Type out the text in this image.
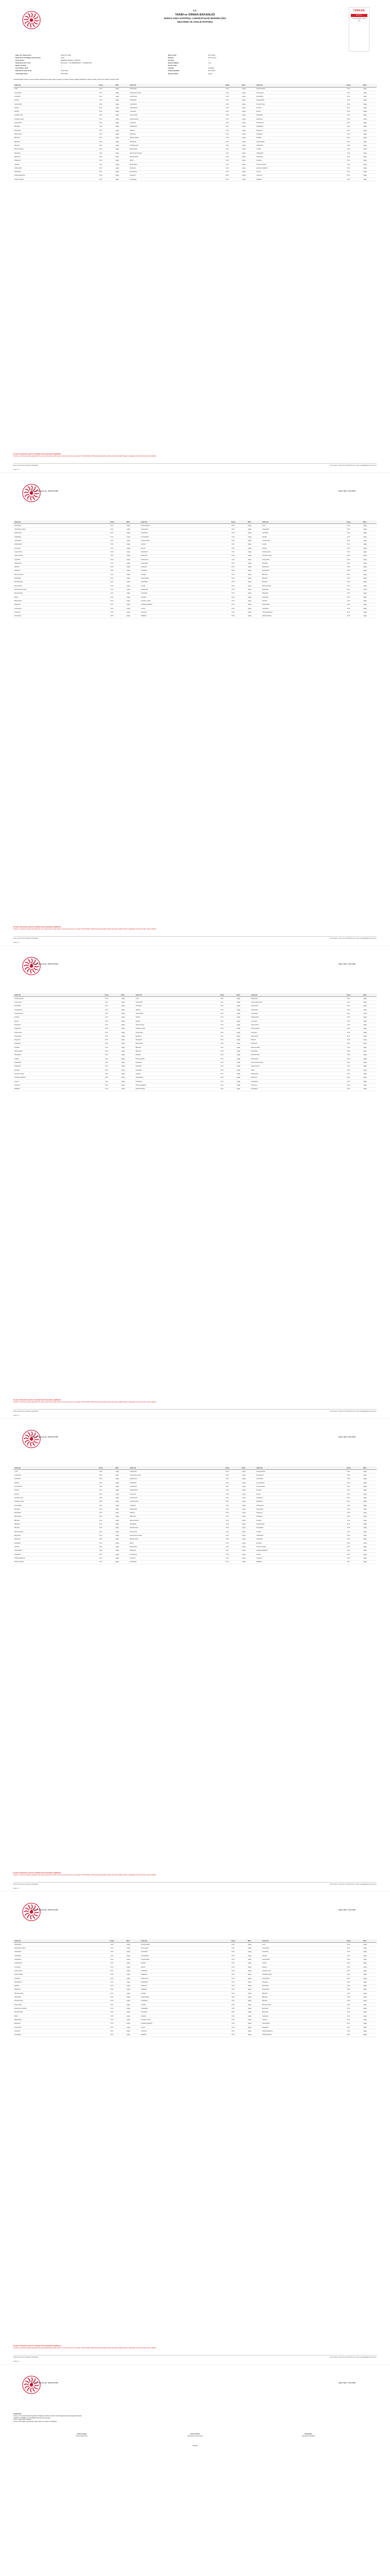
T.C.
TARIM ve ORMAN BAKANLIĞI
BURSA GIDA KONTROL LABORATUVAR MÜDÜRLÜĞÜ
MUAYENE VE ANALİZ RAPORU
TÜRKAK
AB-0040-T
TS EN ISO/IEC 17025
Test
Rapor No / Numune No	2024-NYT-0025	Rapor Tarihi	05.11.2024
Numunenin Ait Olduğu Firma Unvanı	GIDA	Kapsam	Ürün Kontrol
Firma Adresi	MERKEZ / BURSA / TÜRKİYE	Tescil No	—
Numunenin Adı / Cinsi	Mercimek — NİLÜFER/BURSA — OSMANGAZİ	Numune Miktarı	2 kg
Marka / Parti No	—	Üretim Tarihi	—
Son Tüketim Tarihi	—	Ambalaj	Ambalajlı
Numunenin Geliş Tarihi	04.10.2024	Analize Başlama	05.10.2024
Analiz Bitiş Tarihi	05.11.2024	Numune Kabul	Uygun
Yukarıda bilgileri verilen numune üzerinde Laboratuvarımızda yapılan muayene ve analiz sonuçları aşağıda belirtilmiştir. Analiz sonuçları yalnızca test edilen numuneye aittir.
Analiz Adı	Sonuç	Birim	Analiz Adı	Sonuç	Birim	Analiz Adı	Sonuç	Birim
2,4-D	<0,01	mg/kg	Chlorpyrifos	<0,01	mg/kg	Fenbuconazole	<0,01	mg/kg
Acetamiprid	<0,01	mg/kg	Chlorpyrifos-methyl	<0,01	mg/kg	Fenhexamid	<0,01	mg/kg
Acrinathrin	<0,01	mg/kg	Clofentezine	<0,01	mg/kg	Fenitrothion	<0,01	mg/kg
Aldicarb	<0,01	mg/kg	Clothianidin	<0,01	mg/kg	Fenpropathrin	<0,01	mg/kg
Ametoctradin	<0,01	mg/kg	Cyazofamid	<0,01	mg/kg	Fenpyroximate	<0,01	mg/kg
Amitraz	<0,01	mg/kg	Cyflufenamid	<0,01	mg/kg	Fenthion	<0,01	mg/kg
Atrazine	<0,01	mg/kg	Cymoxanil	<0,01	mg/kg	Fipronil	<0,01	mg/kg
Azinphos-ethyl	<0,01	mg/kg	Cypermethrin	<0,01	mg/kg	Fluazifop-P	<0,01	mg/kg
Azinphos-methyl	<0,01	mg/kg	Cyproconazole	<0,01	mg/kg	Fludioxonil	<0,01	mg/kg
Azoxystrobin	<0,01	mg/kg	Cyprodinil	<0,01	mg/kg	Flufenoxuron	<0,01	mg/kg
Benalaxyl	<0,01	mg/kg	Deltamethrin	<0,01	mg/kg	Fluopicolide	<0,01	mg/kg
Bendiocarb	<0,01	mg/kg	Diazinon	<0,01	mg/kg	Fluopyram	<0,01	mg/kg
Benfuracarb	<0,01	mg/kg	Dichlorvos	<0,01	mg/kg	Flusilazole	<0,01	mg/kg
Bifenthrin	<0,01	mg/kg	Difenoconazole	<0,01	mg/kg	Flutriafol	<0,01	mg/kg
Bitertanol	<0,01	mg/kg	Dimethoate	<0,01	mg/kg	Hexaconazole	<0,01	mg/kg
Boscalid	<0,01	mg/kg	Dimethomorph	<0,01	mg/kg	Hexythiazox	<0,01	mg/kg
Bromuconazole	<0,01	mg/kg	Diniconazole	<0,01	mg/kg	Imazalil	<0,01	mg/kg
Bupirimate	<0,01	mg/kg	Emamectin benzoate	<0,01	mg/kg	Imidacloprid	<0,01	mg/kg
Buprofezin	<0,01	mg/kg	Epoxiconazole	<0,01	mg/kg	Indoxacarb	<0,01	mg/kg
Cadusafos	<0,01	mg/kg	Ethion	<0,01	mg/kg	Iprodione	<0,01	mg/kg
Carbaryl	<0,01	mg/kg	Ethoprophos	<0,01	mg/kg	Kresoxim-methyl	<0,01	mg/kg
Carbendazim	<0,01	mg/kg	Etofenprox	<0,01	mg/kg	Lambda-cyhalothrin	<0,01	mg/kg
Carbofuran	<0,01	mg/kg	Fenamidone	<0,01	mg/kg	Linuron	<0,01	mg/kg
Chlorantraniliprole	<0,01	mg/kg	Fenarimol	<0,01	mg/kg	Lufenuron	<0,01	mg/kg
Chlorfenvinphos	<0,01	mg/kg	Fenazaquin	<0,01	mg/kg	Malathion	<0,01	mg/kg
Bu rapor, laboratuvarın yazılı izni olmadan kısmen kopyalanıp çoğaltılamaz.
İmzasız ve mühürsüz raporlar geçersizdir. Bu rapor yalnızca deneye tabi tutulan numuneye aittir. Deney sonuçları TS EN ISO/IEC 17025 kapsamında akredite edilmiş deneyler ile ilgilidir. Raporun doğruluğu e-Devlet üzerinden kontrol edilebilir.
Bursa Gıda Kontrol Laboratuvar Müdürlüğü	Adres: Bursa / Türkiye Tel: 0224 000 00 00 e-posta: bursagida@tarimorman.gov.tr
Sayfa 1 / 6
Rapor No / Numune No : 2024-NYT-0025	Rapor Tarihi : 05.11.2024
Analiz Adı	Sonuç	Birim	Analiz Adı	Sonuç	Birim	Analiz Adı	Sonuç	Birim
Chlorpyrifos	<0,01	mg/kg	Fenbuconazole	<0,01	mg/kg	2,4-D	<0,01	mg/kg
Chlorpyrifos-methyl	<0,01	mg/kg	Fenhexamid	<0,01	mg/kg	Acetamiprid	<0,01	mg/kg
Clofentezine	<0,01	mg/kg	Fenitrothion	<0,01	mg/kg	Acrinathrin	<0,01	mg/kg
Clothianidin	<0,01	mg/kg	Fenpropathrin	<0,01	mg/kg	Aldicarb	<0,01	mg/kg
Cyazofamid	<0,01	mg/kg	Fenpyroximate	<0,01	mg/kg	Ametoctradin	<0,01	mg/kg
Cyflufenamid	<0,01	mg/kg	Fenthion	<0,01	mg/kg	Amitraz	<0,01	mg/kg
Cymoxanil	<0,01	mg/kg	Fipronil	<0,01	mg/kg	Atrazine	<0,01	mg/kg
Cypermethrin	<0,01	mg/kg	Fluazifop-P	<0,01	mg/kg	Azinphos-ethyl	<0,01	mg/kg
Cyproconazole	<0,01	mg/kg	Fludioxonil	<0,01	mg/kg	Azinphos-methyl	<0,01	mg/kg
Cyprodinil	<0,01	mg/kg	Flufenoxuron	<0,01	mg/kg	Azoxystrobin	<0,01	mg/kg
Deltamethrin	<0,01	mg/kg	Fluopicolide	<0,01	mg/kg	Benalaxyl	<0,01	mg/kg
Diazinon	<0,01	mg/kg	Fluopyram	<0,01	mg/kg	Bendiocarb	<0,01	mg/kg
Dichlorvos	<0,01	mg/kg	Flusilazole	<0,01	mg/kg	Benfuracarb	<0,01	mg/kg
Difenoconazole	<0,01	mg/kg	Flutriafol	<0,01	mg/kg	Bifenthrin	<0,01	mg/kg
Dimethoate	<0,01	mg/kg	Hexaconazole	<0,01	mg/kg	Bitertanol	<0,01	mg/kg
Dimethomorph	<0,01	mg/kg	Hexythiazox	<0,01	mg/kg	Boscalid	<0,01	mg/kg
Diniconazole	<0,01	mg/kg	Imazalil	<0,01	mg/kg	Bromuconazole	<0,01	mg/kg
Emamectin benzoate	<0,01	mg/kg	Imidacloprid	<0,01	mg/kg	Bupirimate	<0,01	mg/kg
Epoxiconazole	<0,01	mg/kg	Indoxacarb	<0,01	mg/kg	Buprofezin	<0,01	mg/kg
Ethion	<0,01	mg/kg	Iprodione	<0,01	mg/kg	Cadusafos	<0,01	mg/kg
Ethoprophos	<0,01	mg/kg	Kresoxim-methyl	<0,01	mg/kg	Carbaryl	<0,01	mg/kg
Etofenprox	<0,01	mg/kg	Lambda-cyhalothrin	<0,01	mg/kg	Carbendazim	<0,01	mg/kg
Fenamidone	<0,01	mg/kg	Linuron	<0,01	mg/kg	Carbofuran	<0,01	mg/kg
Fenarimol	<0,01	mg/kg	Lufenuron	<0,01	mg/kg	Chlorantraniliprole	<0,01	mg/kg
Fenazaquin	<0,01	mg/kg	Malathion	<0,01	mg/kg	Chlorfenvinphos	<0,01	mg/kg
Bu rapor, laboratuvarın yazılı izni olmadan kısmen kopyalanıp çoğaltılamaz.
İmzasız ve mühürsüz raporlar geçersizdir. Bu rapor yalnızca deneye tabi tutulan numuneye aittir. Deney sonuçları TS EN ISO/IEC 17025 kapsamında akredite edilmiş deneyler ile ilgilidir. Raporun doğruluğu e-Devlet üzerinden kontrol edilebilir.
Bursa Gıda Kontrol Laboratuvar Müdürlüğü	Adres: Bursa / Türkiye Tel: 0224 000 00 00 e-posta: bursagida@tarimorman.gov.tr
Sayfa 2 / 6
Rapor No / Numune No : 2024-NYT-0025	Rapor Tarihi : 05.11.2024
Analiz Adı	Sonuç	Birim	Analiz Adı	Sonuç	Birim	Analiz Adı	Sonuç	Birim
Fenbuconazole	<0,01	mg/kg	2,4-D	<0,01	mg/kg	Chlorpyrifos	<0,01	mg/kg
Fenhexamid	<0,01	mg/kg	Acetamiprid	<0,01	mg/kg	Chlorpyrifos-methyl	<0,01	mg/kg
Fenitrothion	<0,01	mg/kg	Acrinathrin	<0,01	mg/kg	Clofentezine	<0,01	mg/kg
Fenpropathrin	<0,01	mg/kg	Aldicarb	<0,01	mg/kg	Clothianidin	<0,01	mg/kg
Fenpyroximate	<0,01	mg/kg	Ametoctradin	<0,01	mg/kg	Cyazofamid	<0,01	mg/kg
Fenthion	<0,01	mg/kg	Amitraz	<0,01	mg/kg	Cyflufenamid	<0,01	mg/kg
Fipronil	<0,01	mg/kg	Atrazine	<0,01	mg/kg	Cymoxanil	<0,01	mg/kg
Fluazifop-P	<0,01	mg/kg	Azinphos-ethyl	<0,01	mg/kg	Cypermethrin	<0,01	mg/kg
Fludioxonil	<0,01	mg/kg	Azinphos-methyl	<0,01	mg/kg	Cyproconazole	<0,01	mg/kg
Flufenoxuron	<0,01	mg/kg	Azoxystrobin	<0,01	mg/kg	Cyprodinil	<0,01	mg/kg
Fluopicolide	<0,01	mg/kg	Benalaxyl	<0,01	mg/kg	Deltamethrin	<0,01	mg/kg
Fluopyram	<0,01	mg/kg	Bendiocarb	<0,01	mg/kg	Diazinon	<0,01	mg/kg
Flusilazole	<0,01	mg/kg	Benfuracarb	<0,01	mg/kg	Dichlorvos	<0,01	mg/kg
Flutriafol	<0,01	mg/kg	Bifenthrin	<0,01	mg/kg	Difenoconazole	<0,01	mg/kg
Hexaconazole	<0,01	mg/kg	Bitertanol	<0,01	mg/kg	Dimethoate	<0,01	mg/kg
Hexythiazox	<0,01	mg/kg	Boscalid	<0,01	mg/kg	Dimethomorph	<0,01	mg/kg
Imazalil	<0,01	mg/kg	Bromuconazole	<0,01	mg/kg	Diniconazole	<0,01	mg/kg
Imidacloprid	<0,01	mg/kg	Bupirimate	<0,01	mg/kg	Emamectin benzoate	<0,01	mg/kg
Indoxacarb	<0,01	mg/kg	Buprofezin	<0,01	mg/kg	Epoxiconazole	<0,01	mg/kg
Iprodione	<0,01	mg/kg	Cadusafos	<0,01	mg/kg	Ethion	<0,01	mg/kg
Kresoxim-methyl	<0,01	mg/kg	Carbaryl	<0,01	mg/kg	Ethoprophos	<0,01	mg/kg
Lambda-cyhalothrin	<0,01	mg/kg	Carbendazim	<0,01	mg/kg	Etofenprox	<0,01	mg/kg
Linuron	<0,01	mg/kg	Carbofuran	<0,01	mg/kg	Fenamidone	<0,01	mg/kg
Lufenuron	<0,01	mg/kg	Chlorantraniliprole	<0,01	mg/kg	Fenarimol	<0,01	mg/kg
Malathion	<0,01	mg/kg	Chlorfenvinphos	<0,01	mg/kg	Fenazaquin	<0,01	mg/kg
Bu rapor, laboratuvarın yazılı izni olmadan kısmen kopyalanıp çoğaltılamaz.
İmzasız ve mühürsüz raporlar geçersizdir. Bu rapor yalnızca deneye tabi tutulan numuneye aittir. Deney sonuçları TS EN ISO/IEC 17025 kapsamında akredite edilmiş deneyler ile ilgilidir. Raporun doğruluğu e-Devlet üzerinden kontrol edilebilir.
Bursa Gıda Kontrol Laboratuvar Müdürlüğü	Adres: Bursa / Türkiye Tel: 0224 000 00 00 e-posta: bursagida@tarimorman.gov.tr
Sayfa 3 / 6
Rapor No / Numune No : 2024-NYT-0025	Rapor Tarihi : 05.11.2024
Analiz Adı	Sonuç	Birim	Analiz Adı	Sonuç	Birim	Analiz Adı	Sonuç	Birim
2,4-D	<0,01	mg/kg	Chlorpyrifos	<0,01	mg/kg	Fenbuconazole	<0,01	mg/kg
Acetamiprid	<0,01	mg/kg	Chlorpyrifos-methyl	<0,01	mg/kg	Fenhexamid	<0,01	mg/kg
Acrinathrin	<0,01	mg/kg	Clofentezine	<0,01	mg/kg	Fenitrothion	<0,01	mg/kg
Aldicarb	<0,01	mg/kg	Clothianidin	<0,01	mg/kg	Fenpropathrin	<0,01	mg/kg
Ametoctradin	<0,01	mg/kg	Cyazofamid	<0,01	mg/kg	Fenpyroximate	<0,01	mg/kg
Amitraz	<0,01	mg/kg	Cyflufenamid	<0,01	mg/kg	Fenthion	<0,01	mg/kg
Atrazine	<0,01	mg/kg	Cymoxanil	<0,01	mg/kg	Fipronil	<0,01	mg/kg
Azinphos-ethyl	<0,01	mg/kg	Cypermethrin	<0,01	mg/kg	Fluazifop-P	<0,01	mg/kg
Azinphos-methyl	<0,01	mg/kg	Cyproconazole	<0,01	mg/kg	Fludioxonil	<0,01	mg/kg
Azoxystrobin	<0,01	mg/kg	Cyprodinil	<0,01	mg/kg	Flufenoxuron	<0,01	mg/kg
Benalaxyl	<0,01	mg/kg	Deltamethrin	<0,01	mg/kg	Fluopicolide	<0,01	mg/kg
Bendiocarb	<0,01	mg/kg	Diazinon	<0,01	mg/kg	Fluopyram	<0,01	mg/kg
Benfuracarb	<0,01	mg/kg	Dichlorvos	<0,01	mg/kg	Flusilazole	<0,01	mg/kg
Bifenthrin	<0,01	mg/kg	Difenoconazole	<0,01	mg/kg	Flutriafol	<0,01	mg/kg
Bitertanol	<0,01	mg/kg	Dimethoate	<0,01	mg/kg	Hexaconazole	<0,01	mg/kg
Boscalid	<0,01	mg/kg	Dimethomorph	<0,01	mg/kg	Hexythiazox	<0,01	mg/kg
Bromuconazole	<0,01	mg/kg	Diniconazole	<0,01	mg/kg	Imazalil	<0,01	mg/kg
Bupirimate	<0,01	mg/kg	Emamectin benzoate	<0,01	mg/kg	Imidacloprid	<0,01	mg/kg
Buprofezin	<0,01	mg/kg	Epoxiconazole	<0,01	mg/kg	Indoxacarb	<0,01	mg/kg
Cadusafos	<0,01	mg/kg	Ethion	<0,01	mg/kg	Iprodione	<0,01	mg/kg
Carbaryl	<0,01	mg/kg	Ethoprophos	<0,01	mg/kg	Kresoxim-methyl	<0,01	mg/kg
Carbendazim	<0,01	mg/kg	Etofenprox	<0,01	mg/kg	Lambda-cyhalothrin	<0,01	mg/kg
Carbofuran	<0,01	mg/kg	Fenamidone	<0,01	mg/kg	Linuron	<0,01	mg/kg
Chlorantraniliprole	<0,01	mg/kg	Fenarimol	<0,01	mg/kg	Lufenuron	<0,01	mg/kg
Chlorfenvinphos	<0,01	mg/kg	Fenazaquin	<0,01	mg/kg	Malathion	<0,01	mg/kg
Bu rapor, laboratuvarın yazılı izni olmadan kısmen kopyalanıp çoğaltılamaz.
İmzasız ve mühürsüz raporlar geçersizdir. Bu rapor yalnızca deneye tabi tutulan numuneye aittir. Deney sonuçları TS EN ISO/IEC 17025 kapsamında akredite edilmiş deneyler ile ilgilidir. Raporun doğruluğu e-Devlet üzerinden kontrol edilebilir.
Bursa Gıda Kontrol Laboratuvar Müdürlüğü	Adres: Bursa / Türkiye Tel: 0224 000 00 00 e-posta: bursagida@tarimorman.gov.tr
Sayfa 4 / 6
Rapor No / Numune No : 2024-NYT-0025	Rapor Tarihi : 05.11.2024
Analiz Adı	Sonuç	Birim	Analiz Adı	Sonuç	Birim	Analiz Adı	Sonuç	Birim
Chlorpyrifos	<0,01	mg/kg	Fenbuconazole	<0,01	mg/kg	2,4-D	<0,01	mg/kg
Chlorpyrifos-methyl	<0,01	mg/kg	Fenhexamid	<0,01	mg/kg	Acetamiprid	<0,01	mg/kg
Clofentezine	<0,01	mg/kg	Fenitrothion	<0,01	mg/kg	Acrinathrin	<0,01	mg/kg
Clothianidin	<0,01	mg/kg	Fenpropathrin	<0,01	mg/kg	Aldicarb	<0,01	mg/kg
Cyazofamid	<0,01	mg/kg	Fenpyroximate	<0,01	mg/kg	Ametoctradin	<0,01	mg/kg
Cyflufenamid	<0,01	mg/kg	Fenthion	<0,01	mg/kg	Amitraz	<0,01	mg/kg
Cymoxanil	<0,01	mg/kg	Fipronil	<0,01	mg/kg	Atrazine	<0,01	mg/kg
Cypermethrin	<0,01	mg/kg	Fluazifop-P	<0,01	mg/kg	Azinphos-ethyl	<0,01	mg/kg
Cyproconazole	<0,01	mg/kg	Fludioxonil	<0,01	mg/kg	Azinphos-methyl	<0,01	mg/kg
Cyprodinil	<0,01	mg/kg	Flufenoxuron	<0,01	mg/kg	Azoxystrobin	<0,01	mg/kg
Deltamethrin	<0,01	mg/kg	Fluopicolide	<0,01	mg/kg	Benalaxyl	<0,01	mg/kg
Diazinon	<0,01	mg/kg	Fluopyram	<0,01	mg/kg	Bendiocarb	<0,01	mg/kg
Dichlorvos	<0,01	mg/kg	Flusilazole	<0,01	mg/kg	Benfuracarb	<0,01	mg/kg
Difenoconazole	<0,01	mg/kg	Flutriafol	<0,01	mg/kg	Bifenthrin	<0,01	mg/kg
Dimethoate	<0,01	mg/kg	Hexaconazole	<0,01	mg/kg	Bitertanol	<0,01	mg/kg
Dimethomorph	<0,01	mg/kg	Hexythiazox	<0,01	mg/kg	Boscalid	<0,01	mg/kg
Diniconazole	<0,01	mg/kg	Imazalil	<0,01	mg/kg	Bromuconazole	<0,01	mg/kg
Emamectin benzoate	<0,01	mg/kg	Imidacloprid	<0,01	mg/kg	Bupirimate	<0,01	mg/kg
Epoxiconazole	<0,01	mg/kg	Indoxacarb	<0,01	mg/kg	Buprofezin	<0,01	mg/kg
Ethion	<0,01	mg/kg	Iprodione	<0,01	mg/kg	Cadusafos	<0,01	mg/kg
Ethoprophos	<0,01	mg/kg	Kresoxim-methyl	<0,01	mg/kg	Carbaryl	<0,01	mg/kg
Etofenprox	<0,01	mg/kg	Lambda-cyhalothrin	<0,01	mg/kg	Carbendazim	<0,01	mg/kg
Fenamidone	<0,01	mg/kg	Linuron	<0,01	mg/kg	Carbofuran	<0,01	mg/kg
Fenarimol	<0,01	mg/kg	Lufenuron	<0,01	mg/kg	Chlorantraniliprole	<0,01	mg/kg
Fenazaquin	<0,01	mg/kg	Malathion	<0,01	mg/kg	Chlorfenvinphos	<0,01	mg/kg
Bu rapor, laboratuvarın yazılı izni olmadan kısmen kopyalanıp çoğaltılamaz.
İmzasız ve mühürsüz raporlar geçersizdir. Bu rapor yalnızca deneye tabi tutulan numuneye aittir. Deney sonuçları TS EN ISO/IEC 17025 kapsamında akredite edilmiş deneyler ile ilgilidir. Raporun doğruluğu e-Devlet üzerinden kontrol edilebilir.
Bursa Gıda Kontrol Laboratuvar Müdürlüğü	Adres: Bursa / Türkiye Tel: 0224 000 00 00 e-posta: bursagida@tarimorman.gov.tr
Sayfa 5 / 6
Rapor No / Numune No : 2024-NYT-0025	Rapor Tarihi : 05.11.2024
Açıklamalar:
Numune, Türk Gıda Kodeksi Pestisitlerin Maksimum Kalıntı Limitleri Yönetmeliği kapsamında değerlendirilmiştir.
Analizler LC-MS/MS ve GC-MS/MS yöntemleri ile yapılmıştır.
<0,01 : Tespit limitinin altında.
Sonuç: Analiz edilen parametreler bakımından mevzuata UYGUNDUR.
Analizi Yapan
Kimya Mühendisi
Kontrol Eden
Laboratuvar Sorumlusu
Onaylayan
Laboratuvar Müdürü
MÜHÜR
